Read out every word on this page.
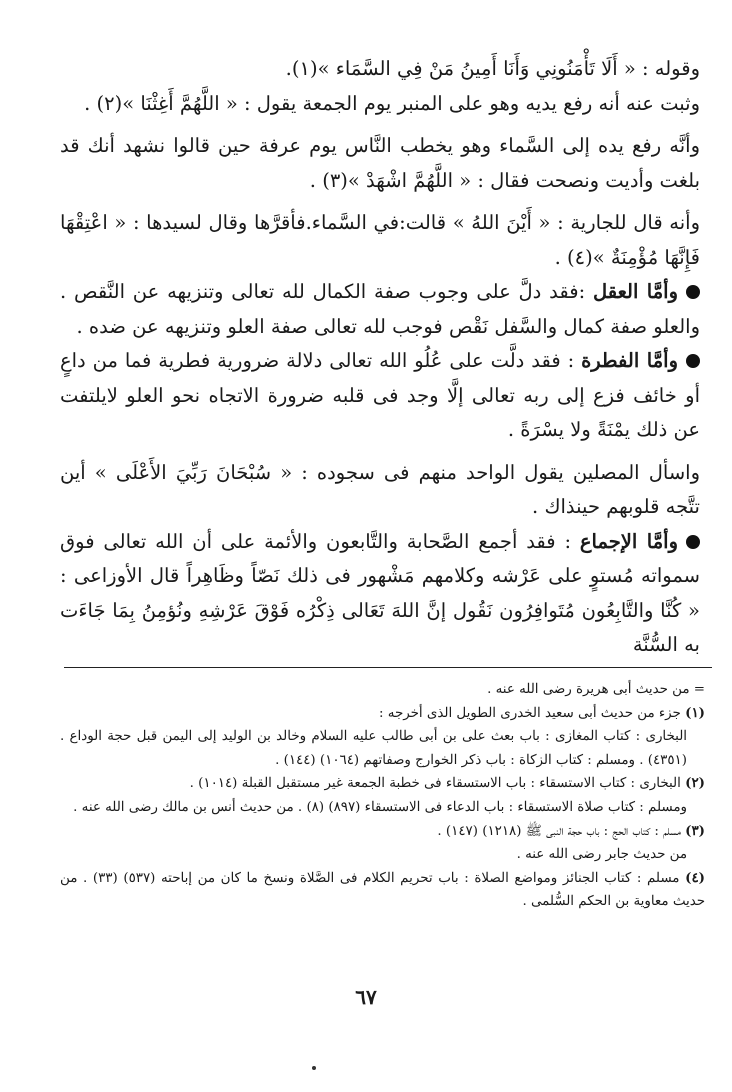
وقوله : « أَلَا تَأْمَنُونِي وَأَنَا أَمِينُ مَنْ فِي السَّمَاء »(١).

وثبت عنه أنه رفع يديه وهو على المنبر يوم الجمعة يقول : « اللَّهُمَّ أَغِثْنَا »(٢) .

وأنَّه رفع يده إلى السَّماء وهو يخطب النَّاس يوم عرفة حين قالوا نشهد أنك قد بلغت وأديت ونصحت فقال : « اللَّهُمَّ اشْهَدْ »(٣) .

وأنه قال للجارية : « أَيْنَ اللهُ » قالت:في السَّماء.فأقرَّها وقال لسيدها : « اعْتِقْهَا فَإِنَّهَا مُؤْمِنَةٌ »(٤) .

وأمَّا العقل :فقد دلَّ على وجوب صفة الكمال لله تعالى وتنزيهه عن النَّقص . والعلو صفة كمال والسَّفل نَقْص فوجب لله تعالى صفة العلو وتنزيهه عن ضده .

وأمَّا الفطرة : فقد دلَّت على عُلُو الله تعالى دلالة ضرورية فطرية فما من داعٍ أو خائف فزع إلى ربه تعالى إلَّا وجد فى قلبه ضرورة الاتجاه نحو العلو لايلتفت عن ذلك يمْنَةً ولا يسْرَةً .

واسأل المصلين يقول الواحد منهم فى سجوده : « سُبْحَانَ رَبِّيَ الأَعْلَى » أين تتَّجه قلوبهم حينذاك .

وأمَّا الإجماع : فقد أجمع الصَّحابة والتَّابعون والأئمة على أن الله تعالى فوق سمواته مُستوٍ على عَرْشه وكلامهم مَشْهور فى ذلك نَصّاً وظَاهِراً قال الأوزاعى : « كُنَّا والتَّابِعُون مُتَوافِرُون نَقُول إنَّ اللهَ تَعَالى ذِكْرُه فَوْقَ عَرْشِهِ ونُؤمِنُ بِمَا جَاءَت به السُّنَّة

= من حديث أبى هريرة رضى الله عنه .

(١) جزء من حديث أبى سعيد الخدرى الطويل الذى أخرجه :

البخارى : كتاب المغازى : باب بعث على بن أبى طالب عليه السلام وخالد بن الوليد إلى اليمن قبل حجة الوداع . (٤٣٥١) . ومسلم : كتاب الزكاة : باب ذكر الخوارج وصفاتهم (١٠٦٤) (١٤٤) .

(٢) البخارى : كتاب الاستسقاء : باب الاستسقاء فى خطبة الجمعة غير مستقبل القبلة (١٠١٤) .

ومسلم : كتاب صلاة الاستسقاء : باب الدعاء فى الاستسقاء (٨٩٧) (٨) . من حديث أنس بن مالك رضى الله عنه .

(٣) مسلم : كتاب الحج : باب حجة النبى ﷺ (١٢١٨) (١٤٧) .

من حديث جابر رضى الله عنه .

(٤) مسلم : كتاب الجنائز ومواضع الصلاة : باب تحريم الكلام فى الصَّلاة ونسخ ما كان من إباحته (٥٣٧) (٣٣) . من حديث معاوية بن الحكم السُّلمى .

٦٧
